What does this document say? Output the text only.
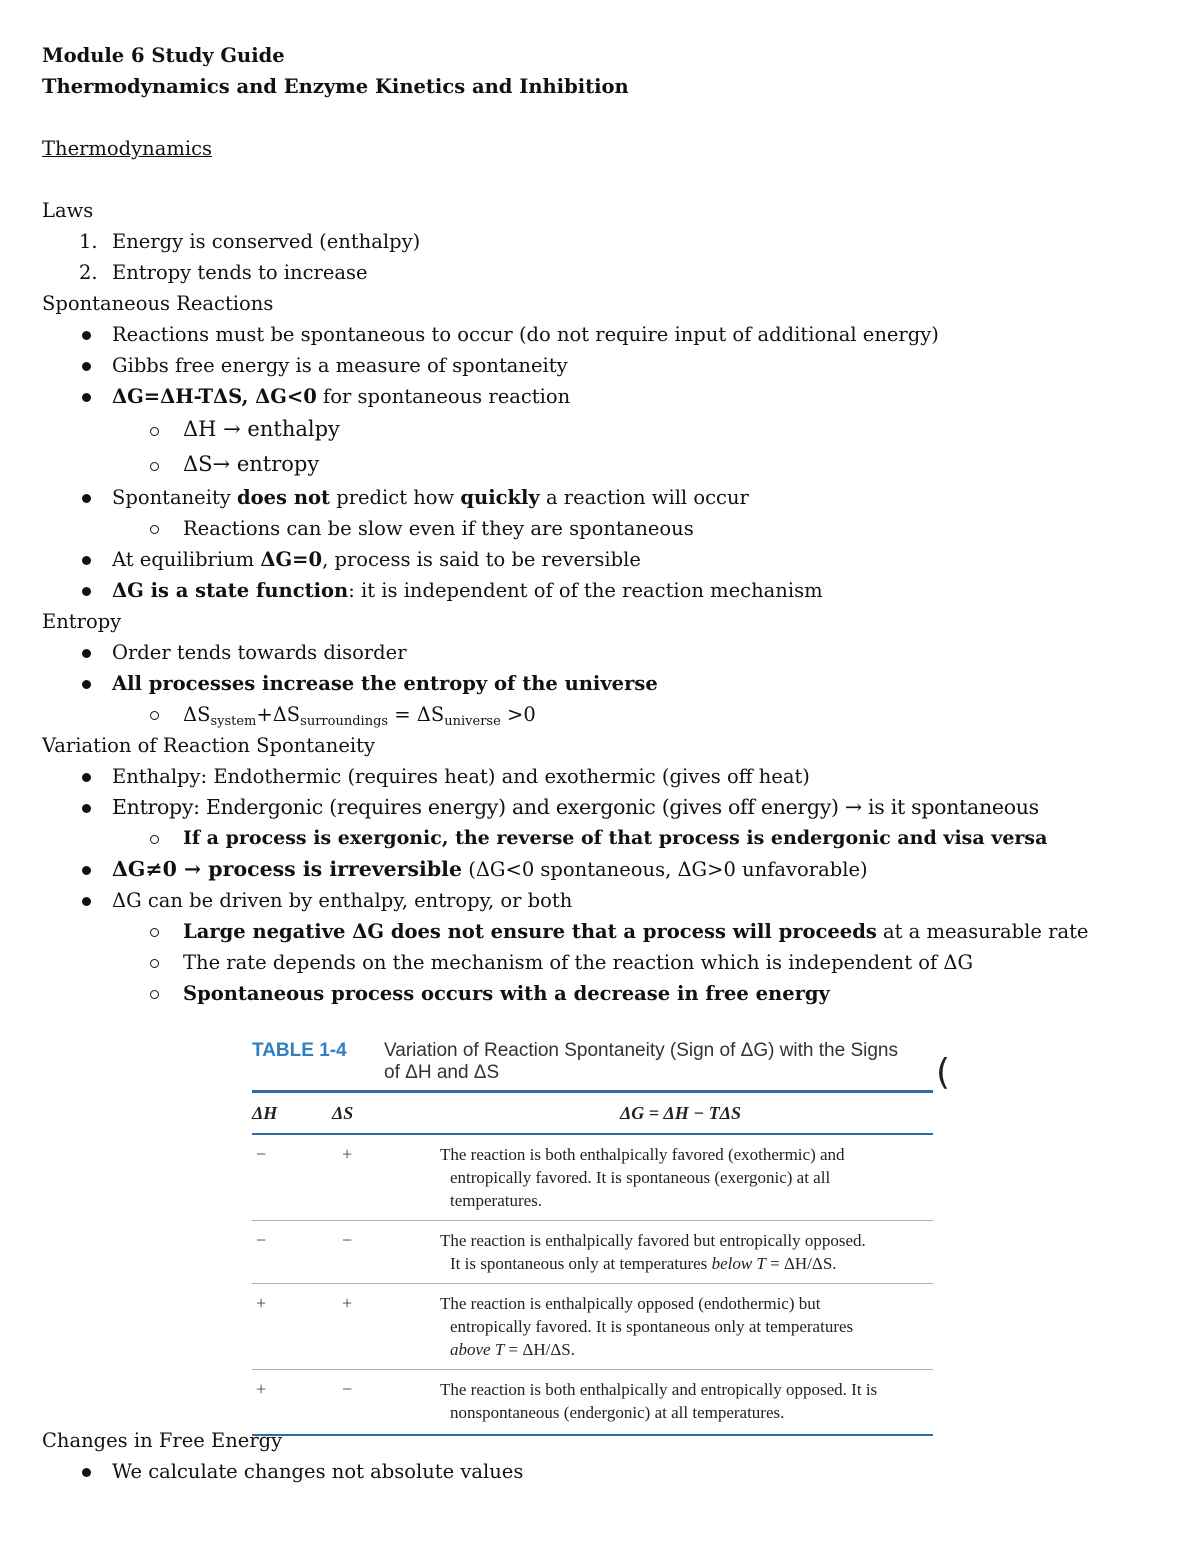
Module 6 Study Guide
Thermodynamics and Enzyme Kinetics and Inhibition
Thermodynamics
Laws
1. Energy is conserved (enthalpy)
2. Entropy tends to increase
Spontaneous Reactions
Reactions must be spontaneous to occur (do not require input of additional energy)
Gibbs free energy is a measure of spontaneity
ΔG=ΔH-TΔS, ΔG<0 for spontaneous reaction
ΔH → enthalpy
ΔS→ entropy
Spontaneity does not predict how quickly a reaction will occur
Reactions can be slow even if they are spontaneous
At equilibrium ΔG=0, process is said to be reversible
ΔG is a state function: it is independent of of the reaction mechanism
Entropy
Order tends towards disorder
All processes increase the entropy of the universe
$\Delta S_{system}+\Delta S_{surroundings} = \Delta S_{universe} >0$
Variation of Reaction Spontaneity
Enthalpy: Endothermic (requires heat) and exothermic (gives off heat)
Entropy: Endergonic (requires energy) and exergonic (gives off energy) → is it spontaneous
If a process is exergonic, the reverse of that process is endergonic and visa versa
ΔG≠0 → process is irreversible (ΔG<0 spontaneous, ΔG>0 unfavorable)
ΔG can be driven by enthalpy, entropy, or both
Large negative ΔG does not ensure that a process will proceeds at a measurable rate
The rate depends on the mechanism of the reaction which is independent of ΔG
Spontaneous process occurs with a decrease in free energy
TABLE 1-4	Variation of Reaction Spontaneity (Sign of ΔG) with the Signs
of ΔH and ΔS	(
ΔH	ΔS	ΔG = ΔH − TΔS
−	+	The reaction is both enthalpically favored (exothermic) and
entropically favored. It is spontaneous (exergonic) at all
temperatures.
−	−	The reaction is enthalpically favored but entropically opposed.
It is spontaneous only at temperatures below T = ΔH/ΔS.
+	+	The reaction is enthalpically opposed (endothermic) but
entropically favored. It is spontaneous only at temperatures
above T = ΔH/ΔS.
+	−	The reaction is both enthalpically and entropically opposed. It is
nonspontaneous (endergonic) at all temperatures.
Changes in Free Energy
We calculate changes not absolute values
